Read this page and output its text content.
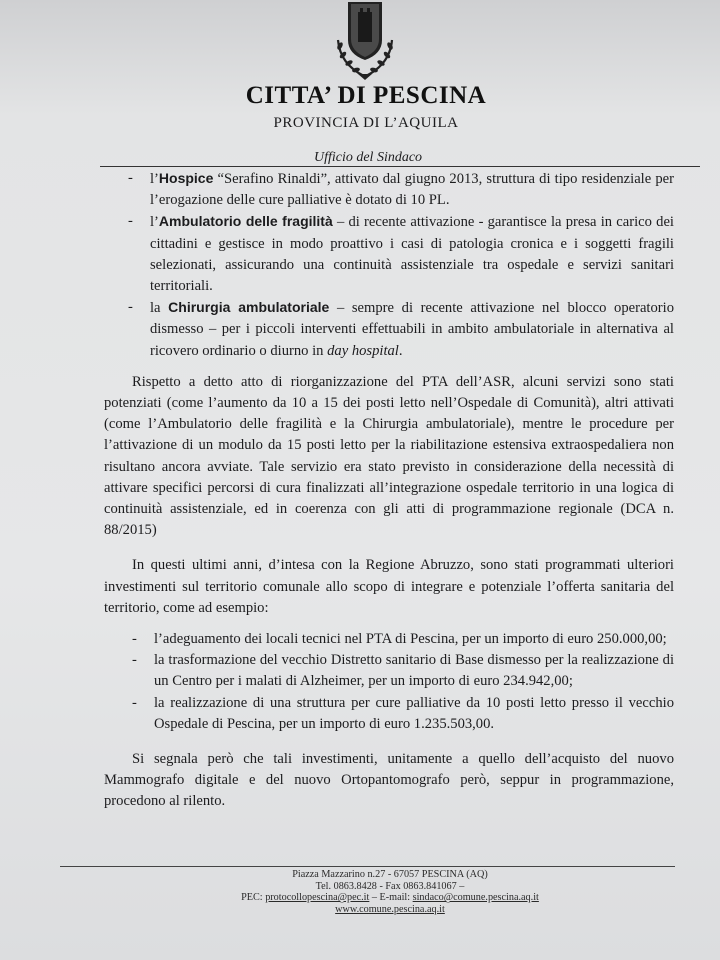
CITTA’ DI PESCINA
PROVINCIA DI L’AQUILA
Ufficio del Sindaco
- l’Hospice “Serafino Rinaldi”, attivato dal giugno 2013, struttura di tipo residenziale per l’erogazione delle cure palliative è dotato di 10 PL.
- l’Ambulatorio delle fragilità – di recente attivazione - garantisce la presa in carico dei cittadini e gestisce in modo proattivo i casi di patologia cronica e i soggetti fragili selezionati, assicurando una continuità assistenziale tra ospedale e servizi sanitari territoriali.
- la Chirurgia ambulatoriale – sempre di recente attivazione nel blocco operatorio dismesso – per i piccoli interventi effettuabili in ambito ambulatoriale in alternativa al ricovero ordinario o diurno in day hospital.

Rispetto a detto atto di riorganizzazione del PTA dell’ASR, alcuni servizi sono stati potenziati (come l’aumento da 10 a 15 dei posti letto nell’Ospedale di Comunità), altri attivati (come l’Ambulatorio delle fragilità e la Chirurgia ambulatoriale), mentre le procedure per l’attivazione di un modulo da 15 posti letto per la riabilitazione estensiva extraospedaliera non risultano ancora avviate. Tale servizio era stato previsto in considerazione della necessità di attivare specifici percorsi di cura finalizzati all’integrazione ospedale territorio in una logica di continuità assistenziale, ed in coerenza con gli atti di programmazione regionale (DCA n. 88/2015)

In questi ultimi anni, d’intesa con la Regione Abruzzo, sono stati programmati ulteriori investimenti sul territorio comunale allo scopo di integrare e potenziale l’offerta sanitaria del territorio, come ad esempio:

- l’adeguamento dei locali tecnici nel PTA di Pescina, per un importo di euro 250.000,00;
- la trasformazione del vecchio Distretto sanitario di Base dismesso per la realizzazione di un Centro per i malati di Alzheimer, per un importo di euro 234.942,00;
- la realizzazione di una struttura per cure palliative da 10 posti letto presso il vecchio Ospedale di Pescina, per un importo di euro 1.235.503,00.

Si segnala però che tali investimenti, unitamente a quello dell’acquisto del nuovo Mammografo digitale e del nuovo Ortopantomografo però, seppur in programmazione, procedono al rilento.

Piazza Mazzarino n.27 - 67057 PESCINA (AQ)
Tel. 0863.8428 - Fax 0863.841067 –
PEC: protocollopescina@pec.it – E-mail: sindaco@comune.pescina.aq.it
www.comune.pescina.aq.it
